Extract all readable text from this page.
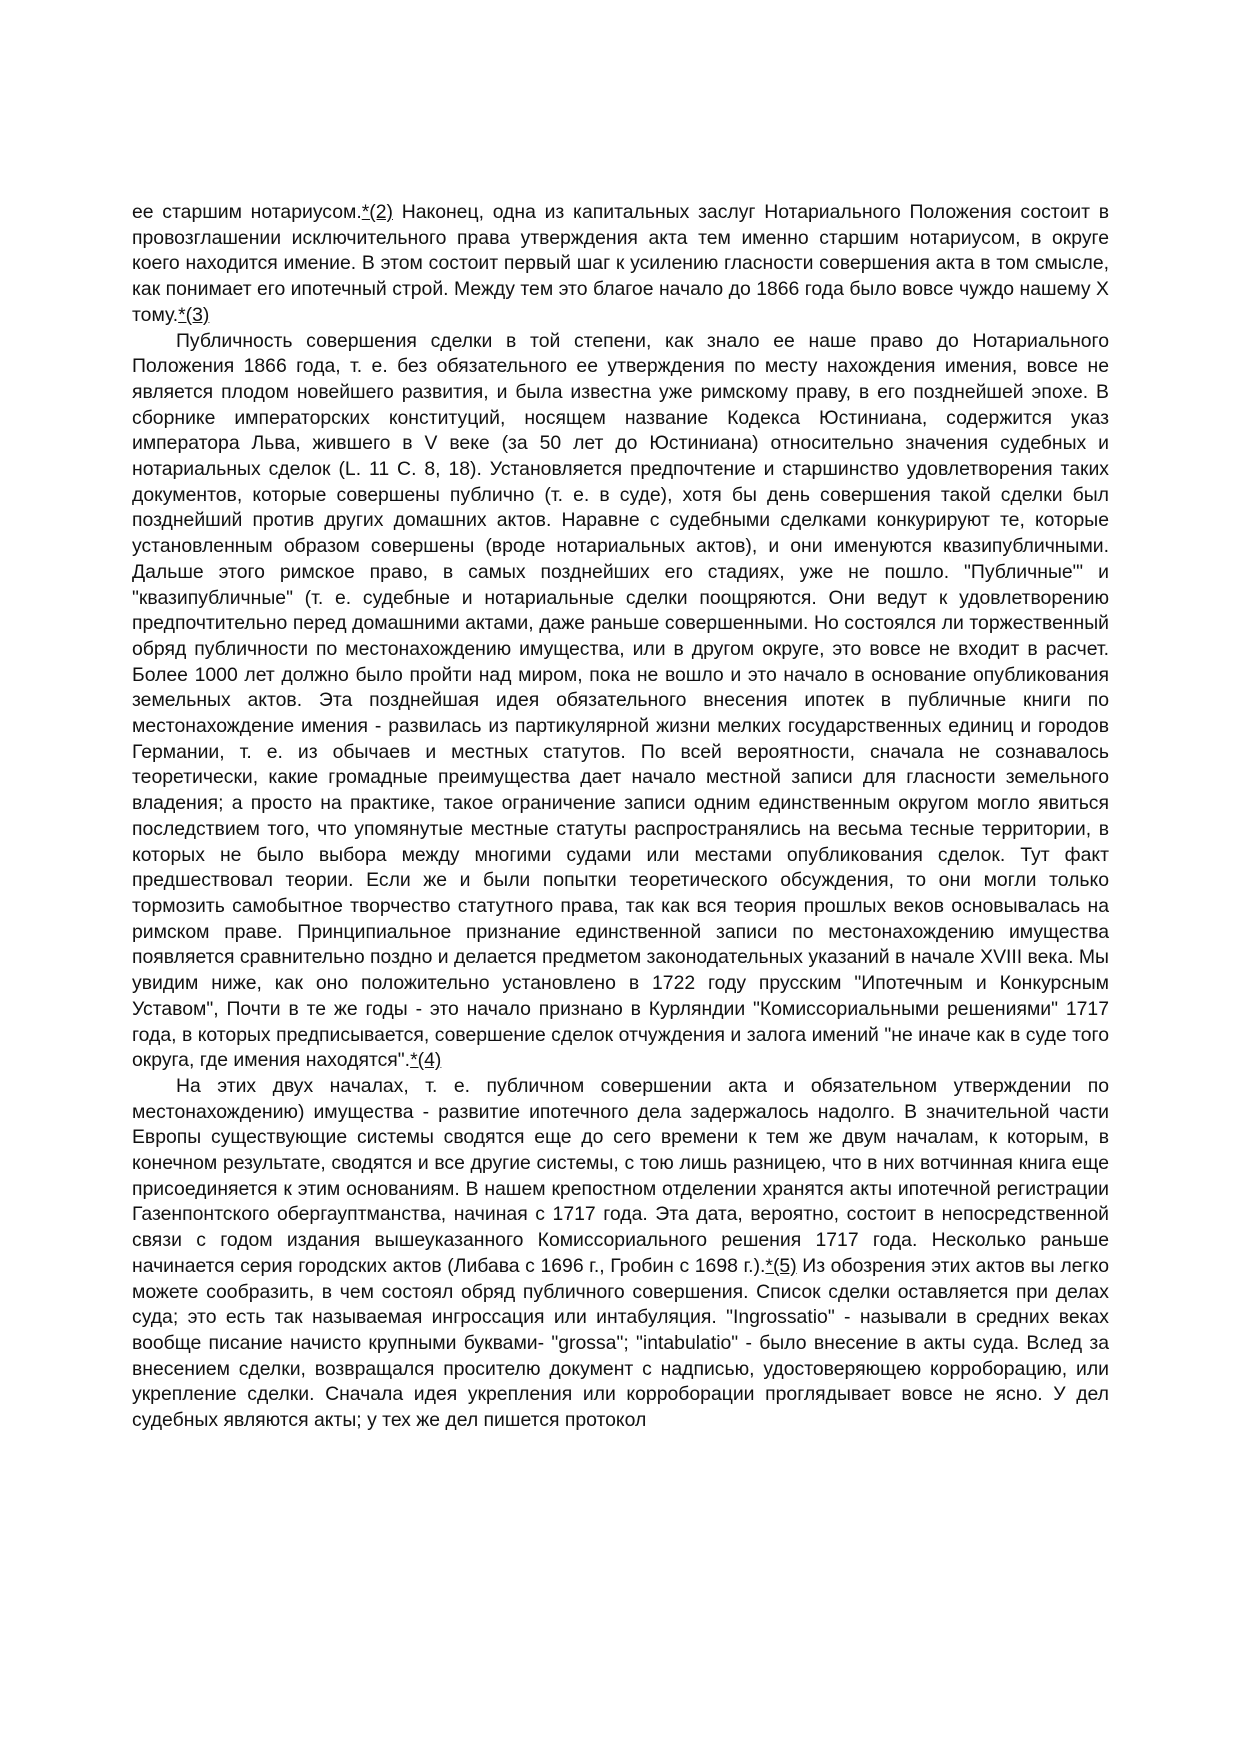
ее старшим нотариусом.*(2) Наконец, одна из капитальных заслуг Нотариального Положения состоит в провозглашении исключительного права утверждения акта тем именно старшим нотариусом, в округе коего находится имение. В этом состоит первый шаг к усилению гласности совершения акта в том смысле, как понимает его ипотечный строй. Между тем это благое начало до 1866 года было вовсе чуждо нашему X тому.*(3)

Публичность совершения сделки в той степени, как знало ее наше право до Нотариального Положения 1866 года, т. е. без обязательного ее утверждения по месту нахождения имения, вовсе не является плодом новейшего развития, и была известна уже римскому праву, в его позднейшей эпохе. В сборнике императорских конституций, носящем название Кодекса Юстиниана, содержится указ императора Льва, жившего в V веке (за 50 лет до Юстиниана) относительно значения судебных и нотариальных сделок (L. 11 С. 8, 18). Установляется предпочтение и старшинство удовлетворения таких документов, которые совершены публично (т. е. в суде), хотя бы день совершения такой сделки был позднейший против других домашних актов. Наравне с судебными сделками конкурируют те, которые установленным образом совершены (вроде нотариальных актов), и они именуются квазипубличными. Дальше этого римское право, в самых позднейших его стадиях, уже не пошло. "Публичные"' и "квазипубличные" (т. е. судебные и нотариальные сделки поощряются. Они ведут к удовлетворению предпочтительно перед домашними актами, даже раньше совершенными. Но состоялся ли торжественный обряд публичности по местонахождению имущества, или в другом округе, это вовсе не входит в расчет. Более 1000 лет должно было пройти над миром, пока не вошло и это начало в основание опубликования земельных актов. Эта позднейшая идея обязательного внесения ипотек в публичные книги по местонахождение имения - развилась из партикулярной жизни мелких государственных единиц и городов Германии, т. е. из обычаев и местных статутов. По всей вероятности, сначала не сознавалось теоретически, какие громадные преимущества дает начало местной записи для гласности земельного владения; а просто на практике, такое ограничение записи одним единственным округом могло явиться последствием того, что упомянутые местные статуты распространялись на весьма тесные территории, в которых не было выбора между многими судами или местами опубликования сделок. Тут факт предшествовал теории. Если же и были попытки теоретического обсуждения, то они могли только тормозить самобытное творчество статутного права, так как вся теория прошлых веков основывалась на римском праве. Принципиальное признание единственной записи по местонахождению имущества появляется сравнительно поздно и делается предметом законодательных указаний в начале XVIII века. Мы увидим ниже, как оно положительно установлено в 1722 году прусским "Ипотечным и Конкурсным Уставом", Почти в те же годы - это начало признано в Курляндии "Комиссориальными решениями" 1717 года, в которых предписывается, совершение сделок отчуждения и залога имений "не иначе как в суде того округа, где имения находятся".*(4)

На этих двух началах, т. е. публичном совершении акта и обязательном утверждении по местонахождению) имущества - развитие ипотечного дела задержалось надолго. В значительной части Европы существующие системы сводятся еще до сего времени к тем же двум началам, к которым, в конечном результате, сводятся и все другие системы, с тою лишь разницею, что в них вотчинная книга еще присоединяется к этим основаниям. В нашем крепостном отделении хранятся акты ипотечной регистрации Газенпонтского обергауптманства, начиная с 1717 года. Эта дата, вероятно, состоит в непосредственной связи с годом издания вышеуказанного Комиссориального решения 1717 года. Несколько раньше начинается серия городских актов (Либава с 1696 г., Гробин с 1698 г.).*(5) Из обозрения этих актов вы легко можете сообразить, в чем состоял обряд публичного совершения. Список сделки оставляется при делах суда; это есть так называемая ингроссация или интабуляция. "Ingrossatio" - называли в средних веках вообще писание начисто крупными буквами- "grossa"; "intabulatio" - было внесение в акты суда. Вслед за внесением сделки, возвращался просителю документ с надписью, удостоверяющею корроборацию, или укрепление сделки. Сначала идея укрепления или корроборации проглядывает вовсе не ясно. У дел судебных являются акты; у тех же дел пишется протокол
